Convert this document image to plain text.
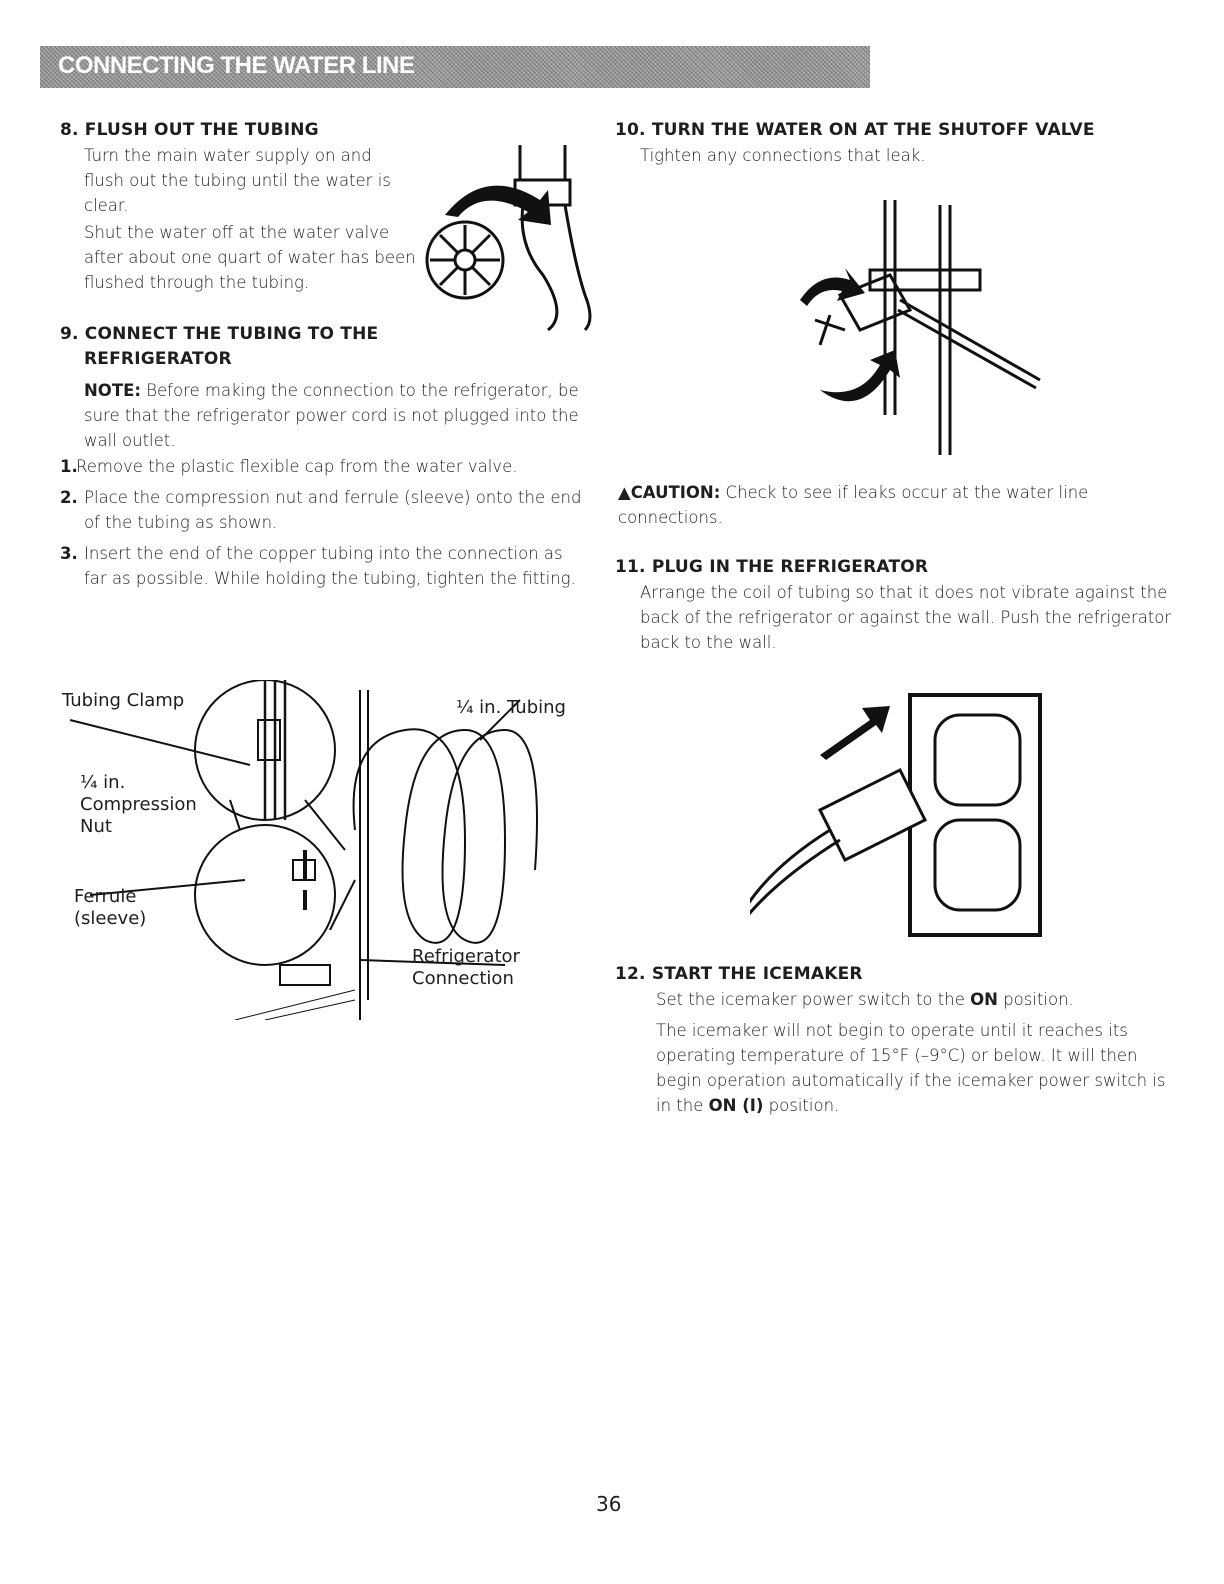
CONNECTING THE WATER LINE
8. FLUSH OUT THE TUBING
Turn the main water supply on and flush out the tubing until the water is clear.
Shut the water off at the water valve after about one quart of water has been flushed through the tubing.
9. CONNECT THE TUBING TO THE
REFRIGERATOR
NOTE: Before making the connection to the refrigerator, be sure that the refrigerator power cord is not plugged into the wall outlet.
1.
Remove the plastic flexible cap from the water valve.
2. Place the compression nut and ferrule (sleeve) onto the end of the tubing as shown.
3. Insert the end of the copper tubing into the connection as far as possible. While holding the tubing, tighten the fitting.
Tubing Clamp	¼ in. Tubing
¼ in.
Compression
Nut
Ferrule
(sleeve)
Refrigerator
Connection
10. TURN THE WATER ON AT THE SHUTOFF VALVE
Tighten any connections that leak.
▲CAUTION: Check to see if leaks occur at the water line connections.
11. PLUG IN THE REFRIGERATOR
Arrange the coil of tubing so that it does not vibrate against the back of the refrigerator or against the wall. Push the refrigerator back to the wall.
12. START THE ICEMAKER
Set the icemaker power switch to the ON position.
The icemaker will not begin to operate until it reaches its operating temperature of 15°F (–9°C) or below. It will then begin operation automatically if the icemaker power switch is in the ON (I) position.
36
